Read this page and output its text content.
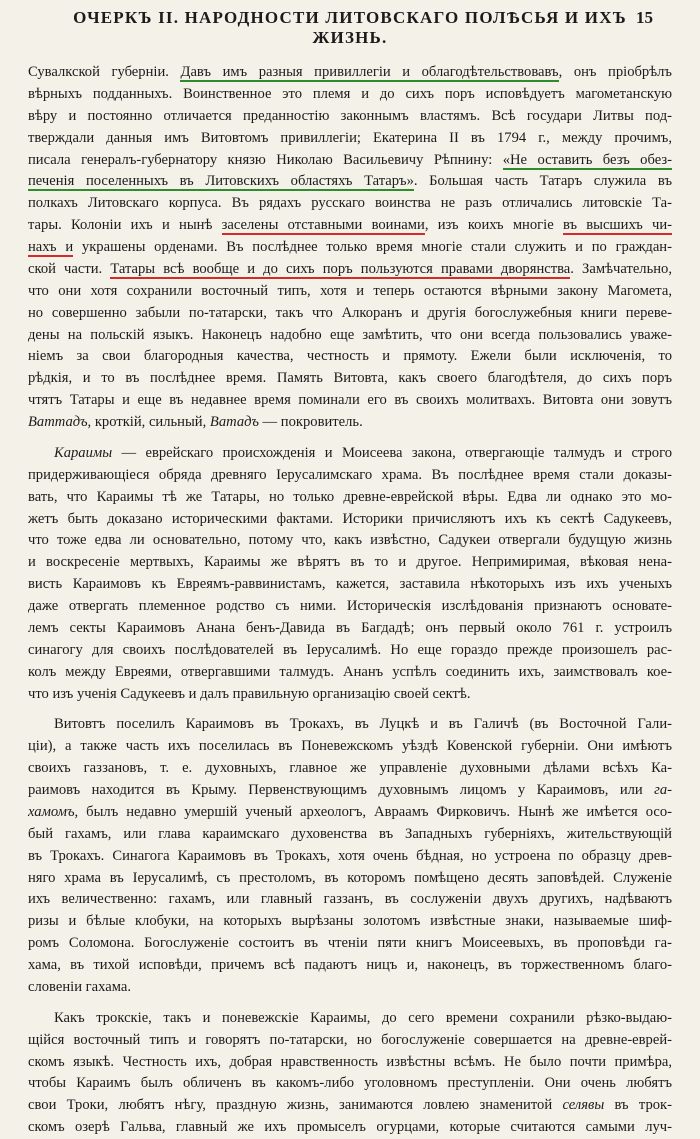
ОЧЕРКЪ II. НАРОДНОСТИ ЛИТОВСКАГО ПОЛѢСЬЯ И ИХЪ ЖИЗНЬ.
15
Сувалкской губерніи. Давъ имъ разныя привиллегіи и облагодѣтельствовавъ, онъ пріобрѣлъ
вѣрныхъ подданныхъ. Воинственное это племя и до сихъ поръ исповѣдуетъ магометанскую
вѣру и постоянно отличается преданностію законнымъ властямъ. Всѣ государи Литвы под-
тверждали данныя имъ Витовтомъ привиллегіи; Екатерина II въ 1794 г., между прочимъ,
писала генералъ-губернатору князю Николаю Васильевичу Рѣпнину: «Не оставить безъ обез-
печенія поселенныхъ въ Литовскихъ областяхъ Татаръ». Большая часть Татаръ служила въ
полкахъ Литовскаго корпуса. Въ рядахъ русскаго воинства не разъ отличались литовскіе Та-
тары. Колоніи ихъ и нынѣ заселены отставными воинами, изъ коихъ многіе въ высшихъ чи-
нахъ и украшены орденами. Въ послѣднее только время многіе стали служить и по граждан-
ской части. Татары всѣ вообще и до сихъ поръ пользуются правами дворянства. Замѣчательно,
что они хотя сохранили восточный типъ, хотя и теперь остаются вѣрными закону Магомета,
но совершенно забыли по-татарски, такъ что Алкоранъ и другія богослужебныя книги переве-
дены на польскій языкъ. Наконецъ надобно еще замѣтить, что они всегда пользовались уважe-
ніемъ за свои благородныя качества, честность и прямоту. Ежели были исключенія, то
рѣдкія, и то въ послѣднее время. Память Витовта, какъ своего благодѣтеля, до сихъ поръ
чтятъ Татары и еще въ недавнее время поминали его въ своихъ молитвахъ. Витовта они зовутъ
Ваттадъ, кроткій, сильный, Ватадъ — покровитель.
Караимы — еврейскаго происхожденія и Моисеева закона, отвергающіе талмудъ и строго
придерживающіеся обряда древняго Іерусалимскаго храма. Въ послѣднее время стали доказы-
вать, что Караимы тѣ же Татары, но только древне-еврейской вѣры. Едва ли однако это мо-
жетъ быть доказано историческими фактами. Историки причисляютъ ихъ къ сектѣ Садукеевъ,
что тоже едва ли основательно, потому что, какъ извѣстно, Садукеи отвергали будущую жизнь
и воскресеніе мертвыхъ, Караимы же вѣрятъ въ то и другое. Непримиримая, вѣковая нена-
висть Караимовъ къ Евреямъ-раввинистамъ, кажется, заставила нѣкоторыхъ изъ ихъ ученыхъ
даже отвергать племенное родство съ ними. Историческія изслѣдованія признаютъ основате-
лемъ секты Караимовъ Анана бенъ-Давида въ Багдадѣ; онъ первый около 761 г. устроилъ
синагогу для своихъ послѣдователей въ Іерусалимѣ. Но еще гораздо прежде произошелъ рас-
колъ между Евреями, отвергавшими талмудъ. Ананъ успѣлъ соединить ихъ, заимствовалъ кое-
что изъ ученія Садукеевъ и далъ правильную организацію своей сектѣ.
Витовтъ поселилъ Караимовъ въ Трокахъ, въ Луцкѣ и въ Галичѣ (въ Восточной Гали-
ціи), а также часть ихъ поселилась въ Поневежскомъ уѣздѣ Ковенской губерніи. Они имѣютъ
своихъ газзановъ, т. е. духовныхъ, главное же управленіе духовными дѣлами всѣхъ Ка-
раимовъ находится въ Крыму. Первенствующимъ духовнымъ лицомъ у Караимовъ, или га-
хамомъ, былъ недавно умершій ученый археологъ, Авраамъ Фирковичъ. Нынѣ же имѣется осо-
бый гахамъ, или глава караимскаго духовенства въ Западныхъ губерніяхъ, жительствующій
въ Трокахъ. Синагога Караимовъ въ Трокахъ, хотя очень бѣдная, но устроена по образцу древ-
няго храма въ Іерусалимѣ, съ престоломъ, въ которомъ помѣщено десять заповѣдей. Служеніе
ихъ величественно: гахамъ, или главный газзанъ, въ сослуженіи двухъ другихъ, надѣваютъ
ризы и бѣлые клобуки, на которыхъ вырѣзаны золотомъ извѣстные знаки, называемые шиф-
ромъ Соломона. Богослуженіе состоитъ въ чтеніи пяти книгъ Моисеевыхъ, въ проповѣди га-
хама, въ тихой исповѣди, причемъ всѣ падаютъ ницъ и, наконецъ, въ торжественномъ благо-
словеніи гахама.
Какъ трокскіе, такъ и поневежскіе Караимы, до сего времени сохранили рѣзко-выдаю-
щійся восточный типъ и говорятъ по-татарски, но богослуженіе совершается на древне-еврей-
скомъ языкѣ. Честность ихъ, добрая нравственность извѣстны всѣмъ. Не было почти примѣра,
чтобы Караимъ былъ обличенъ въ какомъ-либо уголовномъ преступленіи. Они очень любятъ
свои Троки, любятъ нѣгу, праздную жизнь, занимаются ловлею знаменитой селявы въ трок-
скомъ озерѣ Гальва, главный же ихъ промыселъ огурцами, которые считаются самыми луч-
